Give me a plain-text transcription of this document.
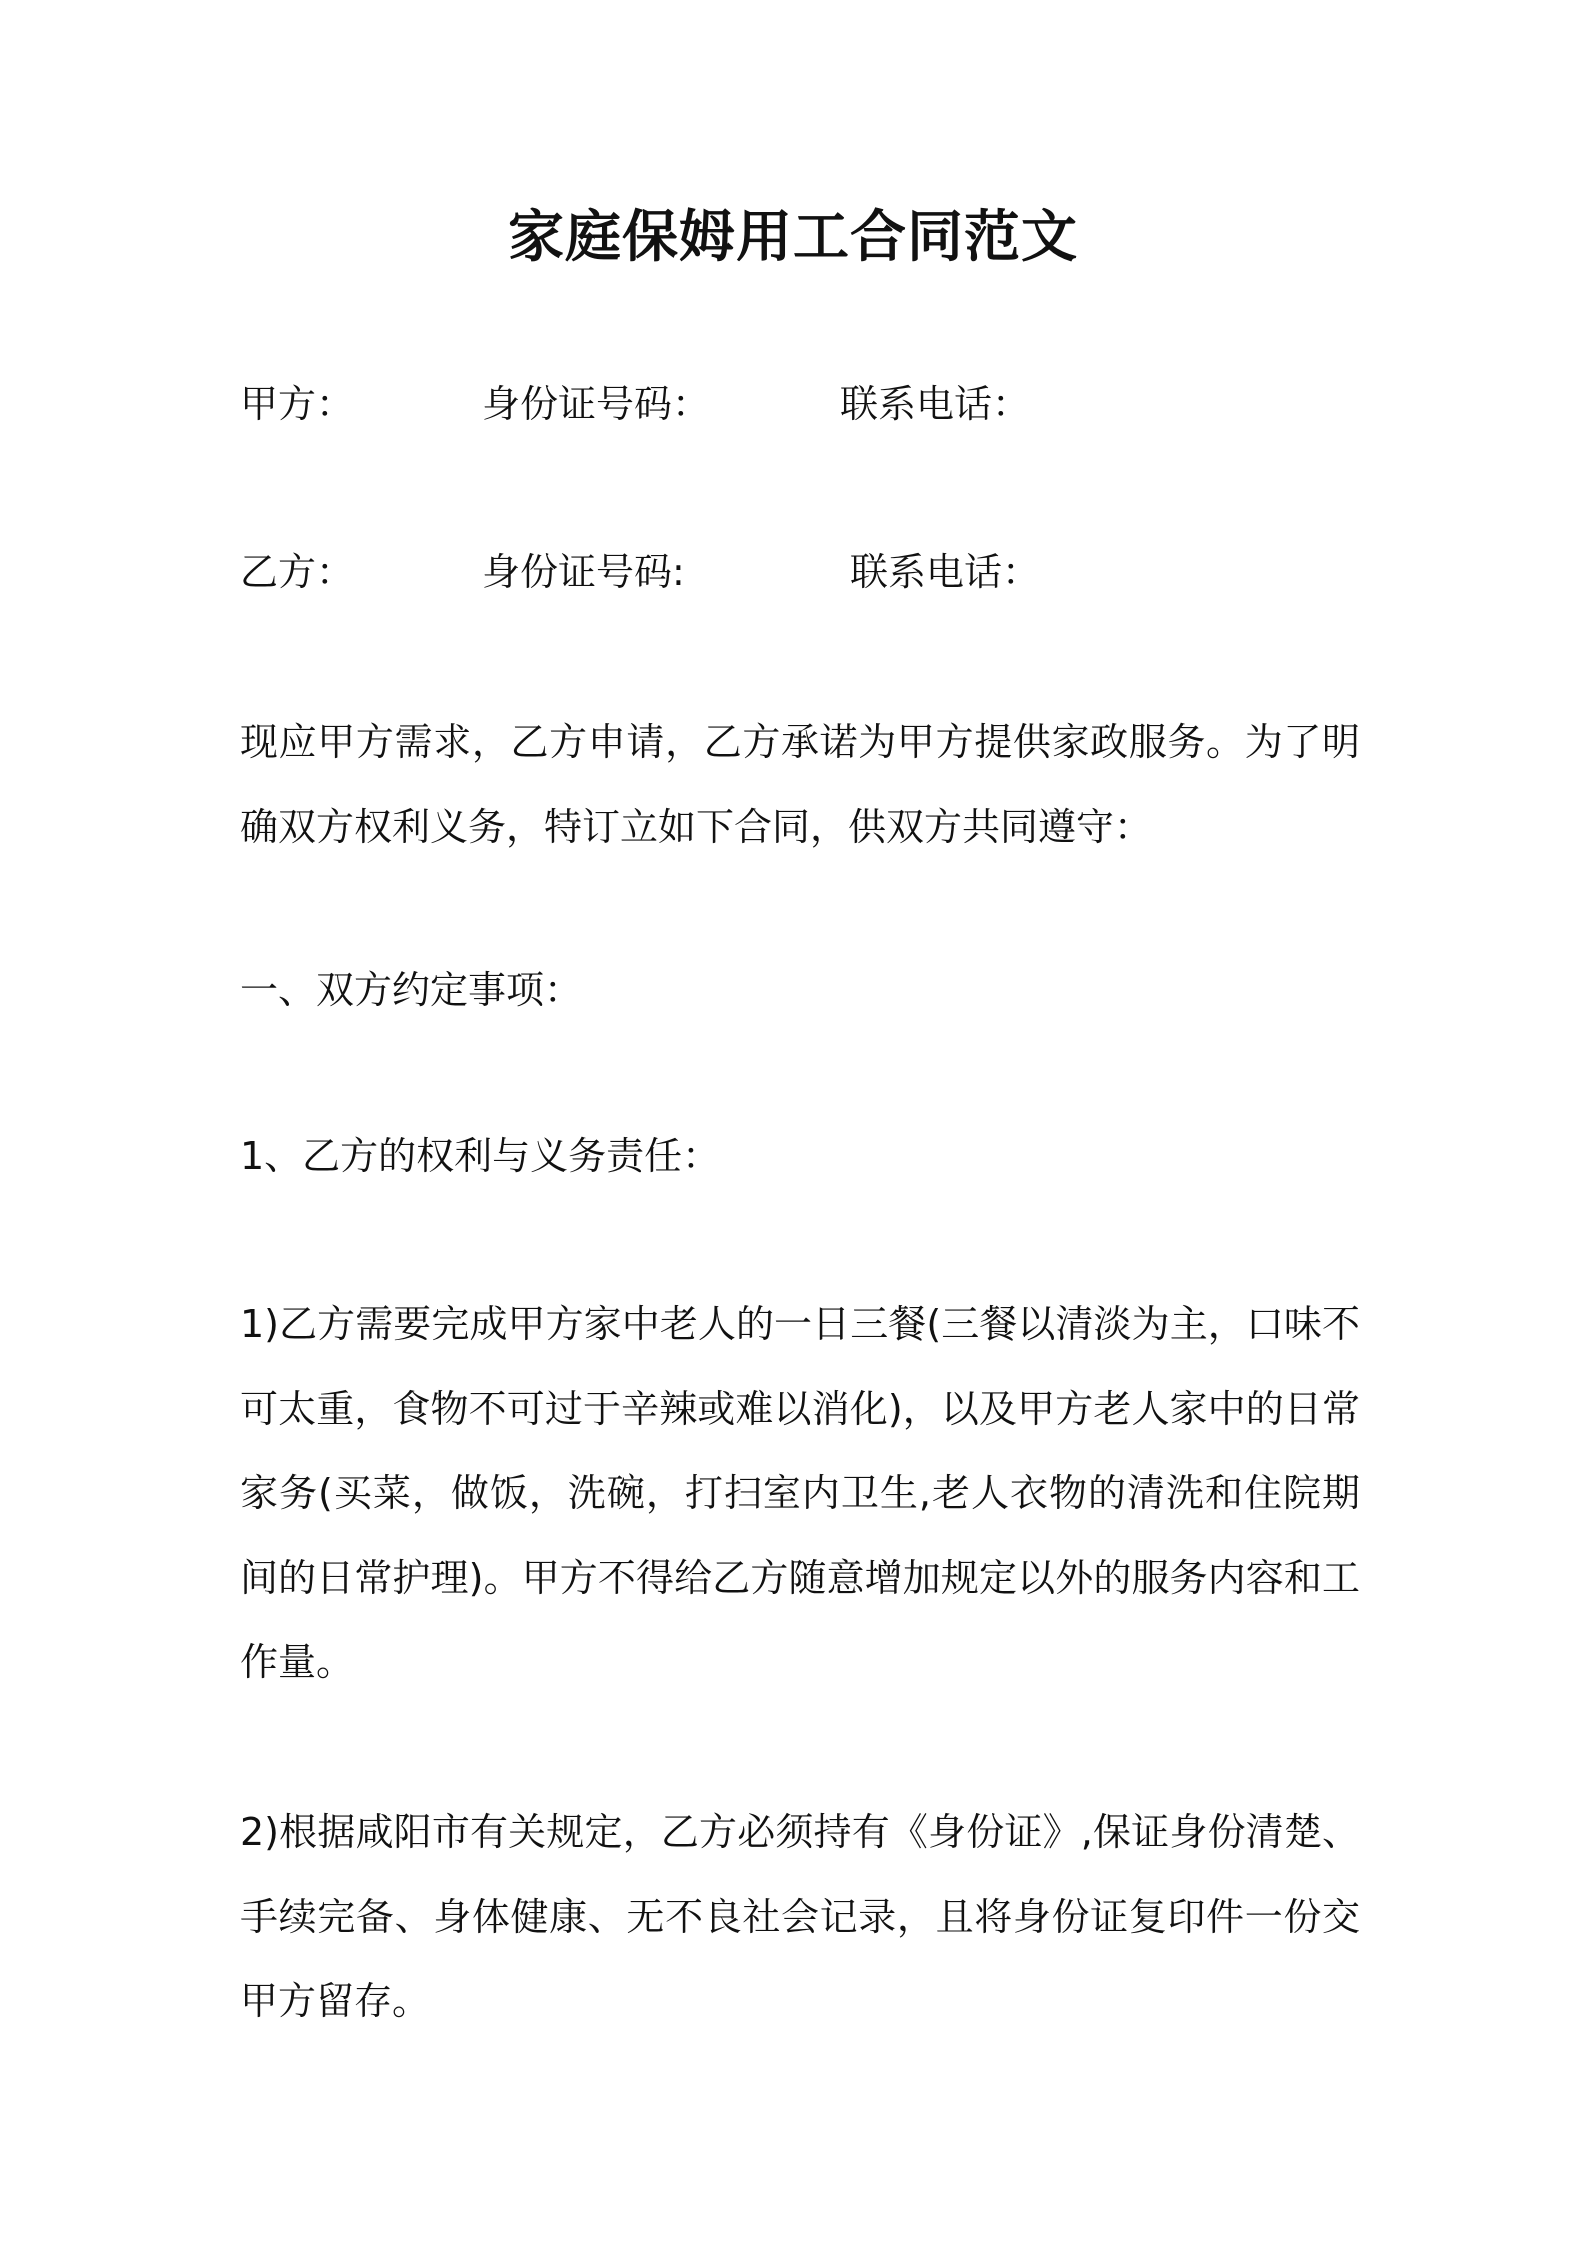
家庭保姆用工合同范文
甲方：	身份证号码：	联系电话：
乙方：	身份证号码:	联系电话：

现应甲方需求，乙方申请，乙方承诺为甲方提供家政服务。为了明确双方权利义务，特订立如下合同，供双方共同遵守：

一、双方约定事项：

1、乙方的权利与义务责任：

1)乙方需要完成甲方家中老人的一日三餐(三餐以清淡为主，口味不可太重，食物不可过于辛辣或难以消化)，以及甲方老人家中的日常家务(买菜，做饭，洗碗，打扫室内卫生,老人衣物的清洗和住院期间的日常护理)。甲方不得给乙方随意增加规定以外的服务内容和工作量。

2)根据咸阳市有关规定，乙方必须持有《身份证》,保证身份清楚、手续完备、身体健康、无不良社会记录，且将身份证复印件一份交甲方留存。
